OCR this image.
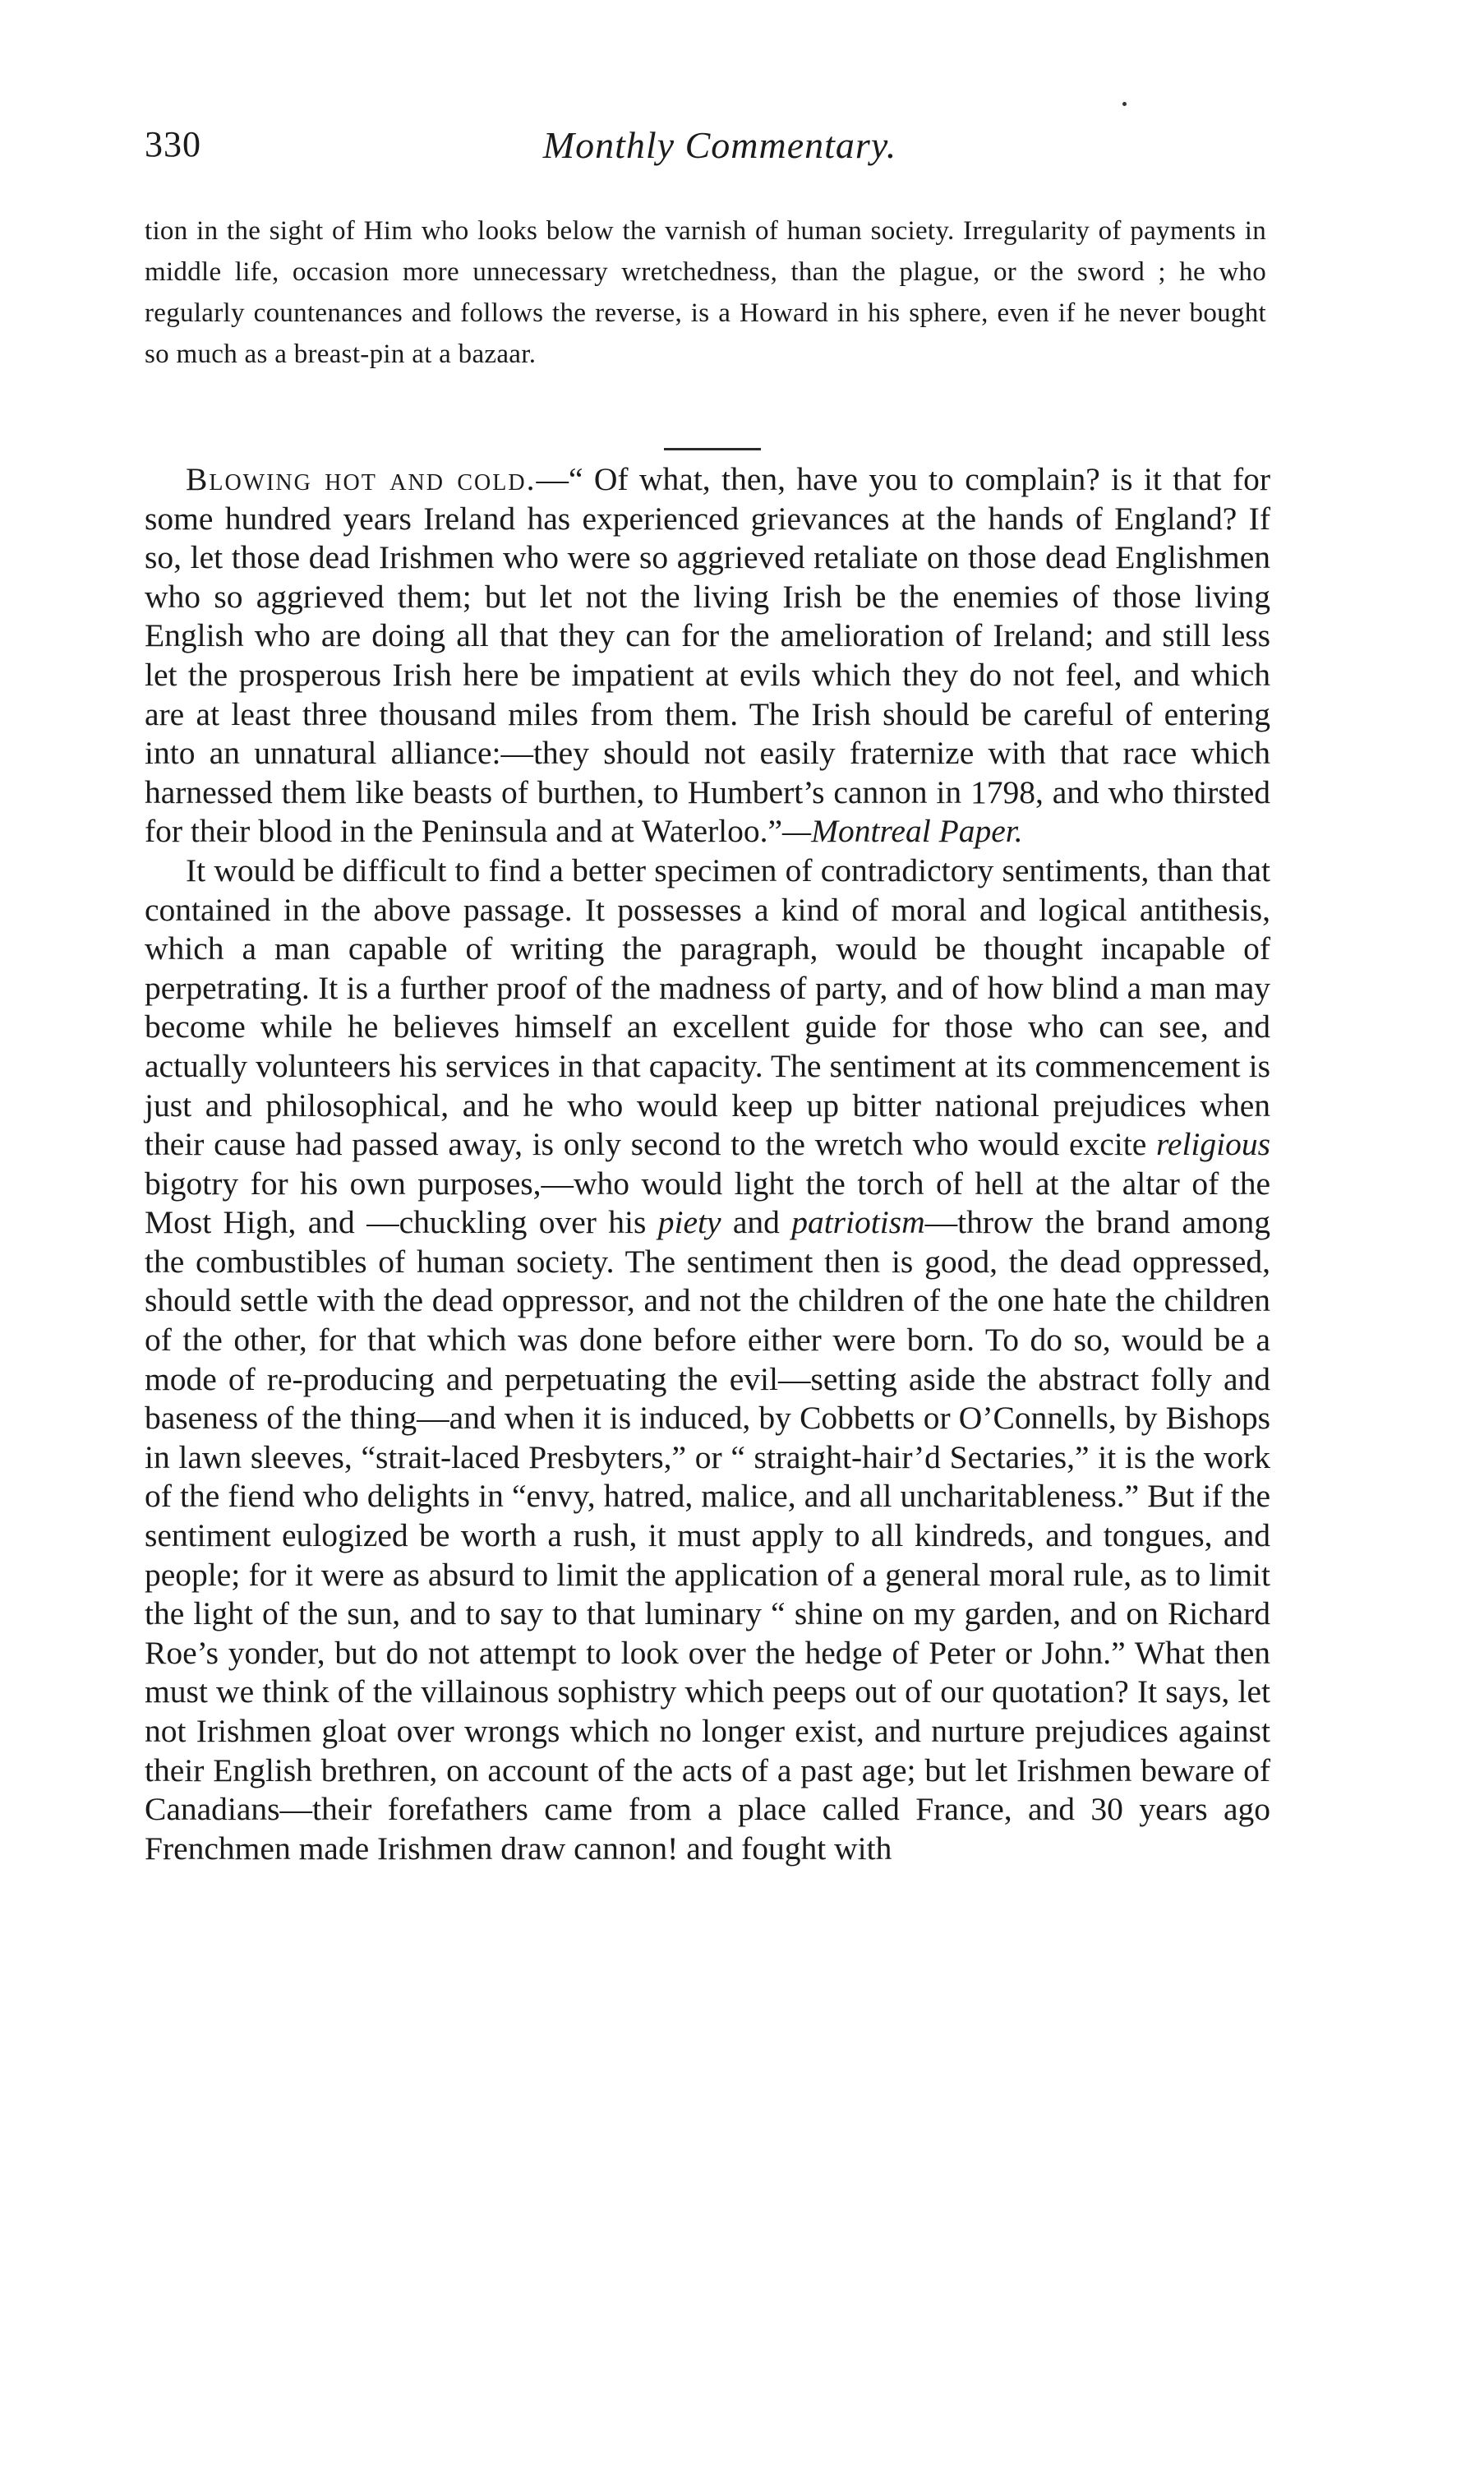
330	Monthly Commentary.
tion in the sight of Him who looks below the varnish of human society. Irregularity of payments in middle life, occasion more unnecessary wretchedness, than the plague, or the sword ; he who regularly countenances and follows the reverse, is a Howard in his sphere, even if he never bought so much as a breast-pin at a bazaar.

Blowing hot and cold.—“ Of what, then, have you to complain? is it that for some hundred years Ireland has experienced grievances at the hands of England? If so, let those dead Irishmen who were so aggrieved retaliate on those dead Englishmen who so aggrieved them; but let not the living Irish be the enemies of those living English who are doing all that they can for the amelioration of Ireland; and still less let the prosperous Irish here be impatient at evils which they do not feel, and which are at least three thousand miles from them. The Irish should be careful of entering into an unnatural alliance:—they should not easily fraternize with that race which harnessed them like beasts of burthen, to Humbert’s cannon in 1798, and who thirsted for their blood in the Peninsula and at Waterloo.”—Montreal Paper.

It would be difficult to find a better specimen of contradictory sentiments, than that contained in the above passage. It possesses a kind of moral and logical antithesis, which a man capable of writing the paragraph, would be thought incapable of perpetrating. It is a further proof of the madness of party, and of how blind a man may become while he believes himself an excellent guide for those who can see, and actually volunteers his services in that capacity. The sentiment at its commencement is just and philosophical, and he who would keep up bitter national prejudices when their cause had passed away, is only second to the wretch who would excite religious bigotry for his own purposes,—who would light the torch of hell at the altar of the Most High, and —chuckling over his piety and patriotism—throw the brand among the combustibles of human society. The sentiment then is good, the dead oppressed, should settle with the dead oppressor, and not the children of the one hate the children of the other, for that which was done before either were born. To do so, would be a mode of re-producing and perpetuating the evil—setting aside the abstract folly and baseness of the thing—and when it is induced, by Cobbetts or O’Connells, by Bishops in lawn sleeves, “strait-laced Presbyters,” or “ straight-hair’d Sectaries,” it is the work of the fiend who delights in “envy, hatred, malice, and all uncharitableness.” But if the sentiment eulogized be worth a rush, it must apply to all kindreds, and tongues, and people; for it were as absurd to limit the application of a general moral rule, as to limit the light of the sun, and to say to that luminary “ shine on my garden, and on Richard Roe’s yonder, but do not attempt to look over the hedge of Peter or John.” What then must we think of the villainous sophistry which peeps out of our quotation? It says, let not Irishmen gloat over wrongs which no longer exist, and nurture prejudices against their English brethren, on account of the acts of a past age; but let Irishmen beware of Canadians—their forefathers came from a place called France, and 30 years ago Frenchmen made Irishmen draw cannon! and fought with
